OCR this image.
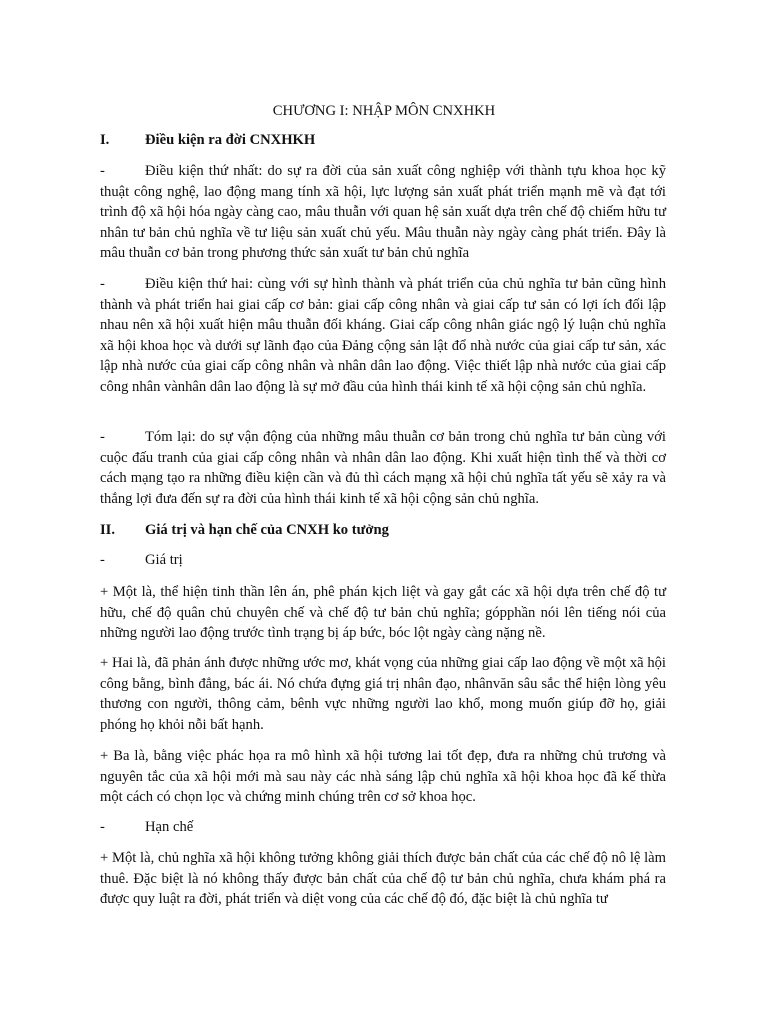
CHƯƠNG I: NHẬP MÔN CNXHKH
I. Điều kiện ra đời CNXHKH
-	Điều kiện thứ nhất: do sự ra đời của sản xuất công nghiệp với thành tựu khoa học kỹ thuật công nghệ, lao động mang tính xã hội, lực lượng sản xuất phát triển mạnh mẽ và đạt tới trình độ xã hội hóa ngày càng cao, mâu thuẫn với quan hệ sản xuất dựa trên chế độ chiếm hữu tư nhân tư bản chủ nghĩa về tư liệu sản xuất chủ yếu. Mâu thuẫn này ngày càng phát triển. Đây là mâu thuẫn cơ bản trong phương thức sản xuất tư bản chủ nghĩa
-	Điều kiện thứ hai: cùng với sự hình thành và phát triển của chủ nghĩa tư bản cũng hình thành và phát triển hai giai cấp cơ bản: giai cấp công nhân và giai cấp tư sản có lợi ích đối lập nhau nên xã hội xuất hiện mâu thuẫn đối kháng. Giai cấp công nhân giác ngộ lý luận chủ nghĩa xã hội khoa học và dưới sự lãnh đạo của Đảng cộng sản lật đổ nhà nước của giai cấp tư sản, xác lập nhà nước của giai cấp công nhân và nhân dân lao động. Việc thiết lập nhà nước của giai cấp công nhân vànhân dân lao động là sự mở đầu của hình thái kinh tế xã hội cộng sản chủ nghĩa.
-	Tóm lại: do sự vận động của những mâu thuẫn cơ bản trong chủ nghĩa tư bản cùng với cuộc đấu tranh của giai cấp công nhân và nhân dân lao động. Khi xuất hiện tình thế và thời cơ cách mạng tạo ra những điều kiện cần và đủ thì cách mạng xã hội chủ nghĩa tất yếu sẽ xảy ra và thắng lợi đưa đến sự ra đời của hình thái kinh tế xã hội cộng sản chủ nghĩa.
II. Giá trị và hạn chế của CNXH ko tưởng
-	Giá trị
+ Một là, thể hiện tinh thần lên án, phê phán kịch liệt và gay gắt các xã hội dựa trên chế độ tư hữu, chế độ quân chủ chuyên chế và chế độ tư bản chủ nghĩa; gópphần nói lên tiếng nói của những người lao động trước tình trạng bị áp bức, bóc lột ngày càng nặng nề.
+ Hai là, đã phản ánh được những ước mơ, khát vọng của những giai cấp lao động về một xã hội công bằng, bình đẳng, bác ái. Nó chứa đựng giá trị nhân đạo, nhânvăn sâu sắc thể hiện lòng yêu thương con người, thông cảm, bênh vực những người lao khổ, mong muốn giúp đỡ họ, giải phóng họ khỏi nỗi bất hạnh.
+ Ba là, bằng việc phác họa ra mô hình xã hội tương lai tốt đẹp, đưa ra những chủ trương và nguyên tắc của xã hội mới mà sau này các nhà sáng lập chủ nghĩa xã hội khoa học đã kế thừa một cách có chọn lọc và chứng minh chúng trên cơ sở khoa học.
-	Hạn chế
+ Một là, chủ nghĩa xã hội không tưởng không giải thích được bản chất của các chế độ nô lệ làm thuê. Đặc biệt là nó không thấy được bản chất của chế độ tư bản chủ nghĩa, chưa khám phá ra được quy luật ra đời, phát triển và diệt vong của các chế độ đó, đặc biệt là chủ nghĩa tư
